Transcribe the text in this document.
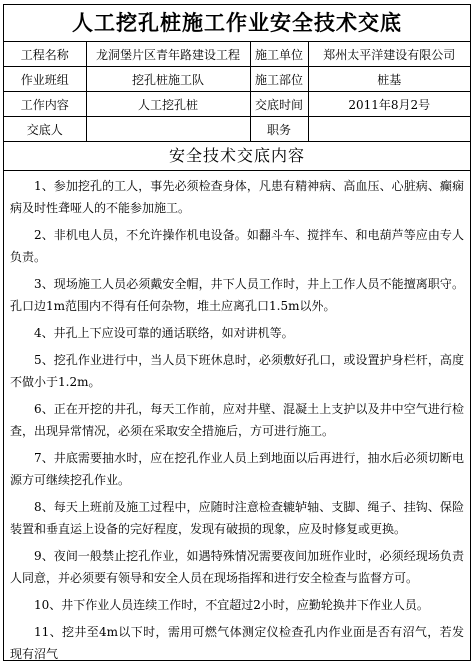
人工挖孔桩施工作业安全技术交底
工程名称	龙洞堡片区青年路建设工程	施工单位	郑州太平洋建设有限公司
作业班组	挖孔桩施工队	施工部位	桩基
工作内容	人工挖孔桩	交底时间	2011年8月2号
交底人		职务	
安全技术交底内容

1、参加挖孔的工人，事先必须检查身体，凡患有精神病、高血压、心脏病、癫痫病及时性聋哑人的不能参加施工。

2、非机电人员，不允许操作机电设备。如翻斗车、搅拌车、和电葫芦等应由专人负责。

3、现场施工人员必须戴安全帽，井下人员工作时，井上工作人员不能擅离职守。孔口边1m范围内不得有任何杂物，堆土应离孔口1.5m以外。

4、井孔上下应设可靠的通话联络，如对讲机等。

5、挖孔作业进行中，当人员下班休息时，必须敷好孔口，或设置护身栏杆，高度不做小于1.2m。

6、正在开挖的井孔，每天工作前，应对井壁、混凝土上支护以及井中空气进行检查，出现异常情况，必须在采取安全措施后，方可进行施工。

7、井底需要抽水时，应在挖孔作业人员上到地面以后再进行，抽水后必须切断电源方可继续挖孔作业。

8、每天上班前及施工过程中，应随时注意检查辘轳轴、支脚、绳子、挂钩、保险装置和垂直运上设备的完好程度，发现有破损的现象，应及时修复或更换。

9、夜间一般禁止挖孔作业，如遇特殊情况需要夜间加班作业时，必须经现场负责人同意，并必须要有领导和安全人员在现场指挥和进行安全检查与监督方可。

10、井下作业人员连续工作时，不宜超过2小时，应勤轮换井下作业人员。

11、挖井至4m以下时，需用可燃气体测定仪检查孔内作业面是否有沼气，若发现有沼气
